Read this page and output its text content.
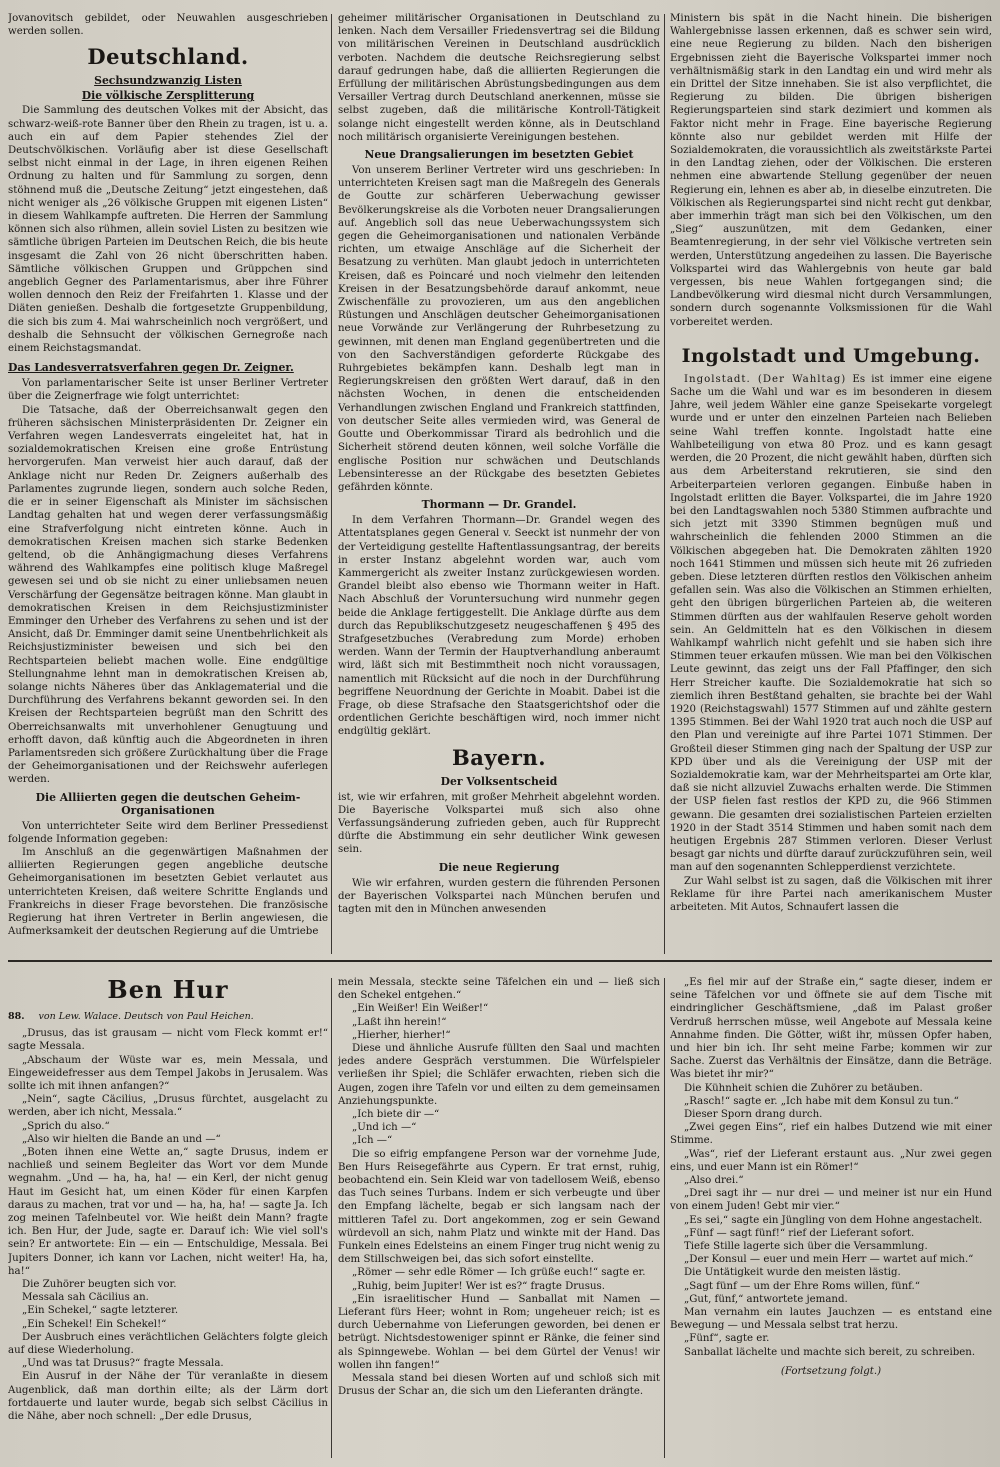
Jovanovitsch gebildet, oder Neuwahlen ausgeschrieben werden sollen.

Deutschland.
Sechsundzwanzig Listen
Die völkische Zersplitterung

Die Sammlung des deutschen Volkes mit der Absicht, das schwarz-weiß-rote Banner über den Rhein zu tragen, ist u. a. auch ein auf dem Papier stehendes Ziel der Deutschvölkischen. Vorläufig aber ist diese Gesellschaft selbst nicht einmal in der Lage, in ihren eigenen Reihen Ordnung zu halten und für Sammlung zu sorgen, denn stöhnend muß die „Deutsche Zeitung“ jetzt eingestehen, daß nicht weniger als „26 völkische Gruppen mit eigenen Listen“ in diesem Wahlkampfe auftreten. Die Herren der Sammlung können sich also rühmen, allein soviel Listen zu besitzen wie sämtliche übrigen Parteien im Deutschen Reich, die bis heute insgesamt die Zahl von 26 nicht überschritten haben. Sämtliche völkischen Gruppen und Grüppchen sind angeblich Gegner des Parlamentarismus, aber ihre Führer wollen dennoch den Reiz der Freifahrten 1. Klasse und der Diäten genießen. Deshalb die fortgesetzte Gruppenbildung, die sich bis zum 4. Mai wahrscheinlich noch vergrößert, und deshalb die Sehnsucht der völkischen Gernegroße nach einem Reichstagsmandat.

Das Landesverratsverfahren gegen Dr. Zeigner.

Von parlamentarischer Seite ist unser Berliner Vertreter über die Zeignerfrage wie folgt unterrichtet:

Die Tatsache, daß der Oberreichsanwalt gegen den früheren sächsischen Ministerpräsidenten Dr. Zeigner ein Verfahren wegen Landesverrats eingeleitet hat, hat in sozialdemokratischen Kreisen eine große Entrüstung hervorgerufen. Man verweist hier auch darauf, daß der Anklage nicht nur Reden Dr. Zeigners außerhalb des Parlamentes zugrunde liegen, sondern auch solche Reden, die er in seiner Eigenschaft als Minister im sächsischen Landtag gehalten hat und wegen derer verfassungsmäßig eine Strafverfolgung nicht eintreten könne. Auch in demokratischen Kreisen machen sich starke Bedenken geltend, ob die Anhängigmachung dieses Verfahrens während des Wahlkampfes eine politisch kluge Maßregel gewesen sei und ob sie nicht zu einer unliebsamen neuen Verschärfung der Gegensätze beitragen könne. Man glaubt in demokratischen Kreisen in dem Reichsjustizminister Emminger den Urheber des Verfahrens zu sehen und ist der Ansicht, daß Dr. Emminger damit seine Unentbehrlichkeit als Reichsjustizminister beweisen und sich bei den Rechtsparteien beliebt machen wolle. Eine endgültige Stellungnahme lehnt man in demokratischen Kreisen ab, solange nichts Näheres über das Anklagematerial und die Durchführung des Verfahrens bekannt geworden sei. In den Kreisen der Rechtsparteien begrüßt man den Schritt des Oberreichsanwalts mit unverhohlener Genugtuung und erhofft davon, daß künftig auch die Abgeordneten in ihren Parlamentsreden sich größere Zurückhaltung über die Frage der Geheimorganisationen und der Reichswehr auferlegen werden.

Die Alliierten gegen die deutschen Geheim-Organisationen

Von unterrichteter Seite wird dem Berliner Pressedienst folgende Information gegeben:

Im Anschluß an die gegenwärtigen Maßnahmen der alliierten Regierungen gegen angebliche deutsche Geheimorganisationen im besetzten Gebiet verlautet aus unterrichteten Kreisen, daß weitere Schritte Englands und Frankreichs in dieser Frage bevorstehen. Die französische Regierung hat ihren Vertreter in Berlin angewiesen, die Aufmerksamkeit der deutschen Regierung auf die Umtriebe

geheimer militärischer Organisationen in Deutschland zu lenken. Nach dem Versailler Friedensvertrag sei die Bildung von militärischen Vereinen in Deutschland ausdrücklich verboten. Nachdem die deutsche Reichsregierung selbst darauf gedrungen habe, daß die alliierten Regierungen die Erfüllung der militärischen Abrüstungsbedingungen aus dem Versailler Vertrag durch Deutschland anerkennen, müsse sie selbst zugeben, daß die militärische Kontroll-Tätigkeit solange nicht eingestellt werden könne, als in Deutschland noch militärisch organisierte Vereinigungen bestehen.

Neue Drangsalierungen im besetzten Gebiet

Von unserem Berliner Vertreter wird uns geschrieben: In unterrichteten Kreisen sagt man die Maßregeln des Generals de Goutte zur schärferen Ueberwachung gewisser Bevölkerungskreise als die Vorboten neuer Drangsalierungen auf. Angeblich soll das neue Ueberwachungssystem sich gegen die Geheimorganisationen und nationalen Verbände richten, um etwaige Anschläge auf die Sicherheit der Besatzung zu verhüten. Man glaubt jedoch in unterrichteten Kreisen, daß es Poincaré und noch vielmehr den leitenden Kreisen in der Besatzungsbehörde darauf ankommt, neue Zwischenfälle zu provozieren, um aus den angeblichen Rüstungen und Anschlägen deutscher Geheimorganisationen neue Vorwände zur Verlängerung der Ruhrbesetzung zu gewinnen, mit denen man England gegenübertreten und die von den Sachverständigen geforderte Rückgabe des Ruhrgebietes bekämpfen kann. Deshalb legt man in Regierungskreisen den größten Wert darauf, daß in den nächsten Wochen, in denen die entscheidenden Verhandlungen zwischen England und Frankreich stattfinden, von deutscher Seite alles vermieden wird, was General de Goutte und Oberkommissar Tirard als bedrohlich und die Sicherheit störend deuten können, weil solche Vorfälle die englische Position nur schwächen und Deutschlands Lebensinteresse an der Rückgabe des besetzten Gebietes gefährden könnte.

Thormann — Dr. Grandel.

In dem Verfahren Thormann—Dr. Grandel wegen des Attentatsplanes gegen General v. Seeckt ist nunmehr der von der Verteidigung gestellte Haftentlassungsantrag, der bereits in erster Instanz abgelehnt worden war, auch vom Kammergericht als zweiter Instanz zurückgewiesen worden. Grandel bleibt also ebenso wie Thormann weiter in Haft. Nach Abschluß der Voruntersuchung wird nunmehr gegen beide die Anklage fertiggestellt. Die Anklage dürfte aus dem durch das Republikschutzgesetz neugeschaffenen § 495 des Strafgesetzbuches (Verabredung zum Morde) erhoben werden. Wann der Termin der Hauptverhandlung anberaumt wird, läßt sich mit Bestimmtheit noch nicht voraussagen, namentlich mit Rücksicht auf die noch in der Durchführung begriffene Neuordnung der Gerichte in Moabit. Dabei ist die Frage, ob diese Strafsache den Staatsgerichtshof oder die ordentlichen Gerichte beschäftigen wird, noch immer nicht endgültig geklärt.

Bayern.
Der Volksentscheid

ist, wie wir erfahren, mit großer Mehrheit abgelehnt worden. Die Bayerische Volkspartei muß sich also ohne Verfassungsänderung zufrieden geben, auch für Rupprecht dürfte die Abstimmung ein sehr deutlicher Wink gewesen sein.

Die neue Regierung

Wie wir erfahren, wurden gestern die führenden Personen der Bayerischen Volkspartei nach München berufen und tagten mit den in München anwesenden

Ministern bis spät in die Nacht hinein. Die bisherigen Wahlergebnisse lassen erkennen, daß es schwer sein wird, eine neue Regierung zu bilden. Nach den bisherigen Ergebnissen zieht die Bayerische Volkspartei immer noch verhältnismäßig stark in den Landtag ein und wird mehr als ein Drittel der Sitze innehaben. Sie ist also verpflichtet, die Regierung zu bilden. Die übrigen bisherigen Regierungsparteien sind stark dezimiert und kommen als Faktor nicht mehr in Frage. Eine bayerische Regierung könnte also nur gebildet werden mit Hilfe der Sozialdemokraten, die voraussichtlich als zweitstärkste Partei in den Landtag ziehen, oder der Völkischen. Die ersteren nehmen eine abwartende Stellung gegenüber der neuen Regierung ein, lehnen es aber ab, in dieselbe einzutreten. Die Völkischen als Regierungspartei sind nicht recht gut denkbar, aber immerhin trägt man sich bei den Völkischen, um den „Sieg“ auszunützen, mit dem Gedanken, einer Beamtenregierung, in der sehr viel Völkische vertreten sein werden, Unterstützung angedeihen zu lassen. Die Bayerische Volkspartei wird das Wahlergebnis von heute gar bald vergessen, bis neue Wahlen fortgegangen sind; die Landbevölkerung wird diesmal nicht durch Versammlungen, sondern durch sogenannte Volksmissionen für die Wahl vorbereitet werden.

Ingolstadt und Umgebung.

Ingolstadt. (Der Wahltag) Es ist immer eine eigene Sache um die Wahl und war es im besonderen in diesem Jahre, weil jedem Wähler eine ganze Speisekarte vorgelegt wurde und er unter den einzelnen Parteien nach Belieben seine Wahl treffen konnte. Ingolstadt hatte eine Wahlbeteiligung von etwa 80 Proz. und es kann gesagt werden, die 20 Prozent, die nicht gewählt haben, dürften sich aus dem Arbeiterstand rekrutieren, sie sind den Arbeiterparteien verloren gegangen. Einbuße haben in Ingolstadt erlitten die Bayer. Volkspartei, die im Jahre 1920 bei den Landtagswahlen noch 5380 Stimmen aufbrachte und sich jetzt mit 3390 Stimmen begnügen muß und wahrscheinlich die fehlenden 2000 Stimmen an die Völkischen abgegeben hat. Die Demokraten zählten 1920 noch 1641 Stimmen und müssen sich heute mit 26 zufrieden geben. Diese letzteren dürften restlos den Völkischen anheim gefallen sein. Was also die Völkischen an Stimmen erhielten, geht den übrigen bürgerlichen Parteien ab, die weiteren Stimmen dürften aus der wahlfaulen Reserve geholt worden sein. An Geldmitteln hat es den Völkischen in diesem Wahlkampf wahrlich nicht gefehlt und sie haben sich ihre Stimmen teuer erkaufen müssen. Wie man bei den Völkischen Leute gewinnt, das zeigt uns der Fall Pfaffinger, den sich Herr Streicher kaufte. Die Sozialdemokratie hat sich so ziemlich ihren Bestßtand gehalten, sie brachte bei der Wahl 1920 (Reichstagswahl) 1577 Stimmen auf und zählte gestern 1395 Stimmen. Bei der Wahl 1920 trat auch noch die USP auf den Plan und vereinigte auf ihre Partei 1071 Stimmen. Der Großteil dieser Stimmen ging nach der Spaltung der USP zur KPD über und als die Vereinigung der USP mit der Sozialdemokratie kam, war der Mehrheitspartei am Orte klar, daß sie nicht allzuviel Zuwachs erhalten werde. Die Stimmen der USP fielen fast restlos der KPD zu, die 966 Stimmen gewann. Die gesamten drei sozialistischen Parteien erzielten 1920 in der Stadt 3514 Stimmen und haben somit nach dem heutigen Ergebnis 287 Stimmen verloren. Dieser Verlust besagt gar nichts und dürfte darauf zurückzuführen sein, weil man auf den sogenannten Schlepperdienst verzichtete.

Zur Wahl selbst ist zu sagen, daß die Völkischen mit ihrer Reklame für ihre Partei nach amerikanischem Muster arbeiteten. Mit Autos, Schnaufert lassen die

Ben Hur
88. von Lew. Walace. Deutsch von Paul Heichen.

„Drusus, das ist grausam — nicht vom Fleck kommt er!“ sagte Messala.

„Abschaum der Wüste war es, mein Messala, und Eingeweidefresser aus dem Tempel Jakobs in Jerusalem. Was sollte ich mit ihnen anfangen?“

„Nein“, sagte Cäcilius, „Drusus fürchtet, ausgelacht zu werden, aber ich nicht, Messala.“

„Sprich du also.“

„Also wir hielten die Bande an und —“

„Boten ihnen eine Wette an,“ sagte Drusus, indem er nachließ und seinem Begleiter das Wort vor dem Munde wegnahm. „Und — ha, ha, ha! — ein Kerl, der nicht genug Haut im Gesicht hat, um einen Köder für einen Karpfen daraus zu machen, trat vor und — ha, ha, ha! — sagte Ja. Ich zog meinen Tafelnbeutel vor. Wie heißt dein Mann? fragte ich. Ben Hur, der Jude, sagte er. Darauf ich: Wie viel soll's sein? Er antwortete: Ein — ein — Entschuldige, Messala. Bei Jupiters Donner, ich kann vor Lachen, nicht weiter! Ha, ha, ha!“

Die Zuhörer beugten sich vor.

Messala sah Cäcilius an.

„Ein Schekel,“ sagte letzterer.

„Ein Schekel! Ein Schekel!“

Der Ausbruch eines verächtlichen Gelächters folgte gleich auf diese Wiederholung.

„Und was tat Drusus?“ fragte Messala.

Ein Ausruf in der Nähe der Tür veranlaßte in diesem Augenblick, daß man dorthin eilte; als der Lärm dort fortdauerte und lauter wurde, begab sich selbst Cäcilius in die Nähe, aber noch schnell: „Der edle Drusus,

mein Messala, steckte seine Täfelchen ein und — ließ sich den Schekel entgehen.“

„Ein Weißer! Ein Weißer!“

„Laßt ihn herein!“

„Hierher, hierher!“

Diese und ähnliche Ausrufe füllten den Saal und machten jedes andere Gespräch verstummen. Die Würfelspieler verließen ihr Spiel; die Schläfer erwachten, rieben sich die Augen, zogen ihre Tafeln vor und eilten zu dem gemeinsamen Anziehungspunkte.

„Ich biete dir —“

„Und ich —“

„Ich —“

Die so eifrig empfangene Person war der vornehme Jude, Ben Hurs Reisegefährte aus Cypern. Er trat ernst, ruhig, beobachtend ein. Sein Kleid war von tadellosem Weiß, ebenso das Tuch seines Turbans. Indem er sich verbeugte und über den Empfang lächelte, begab er sich langsam nach der mittleren Tafel zu. Dort angekommen, zog er sein Gewand würdevoll an sich, nahm Platz und winkte mit der Hand. Das Funkeln eines Edelsteins an einem Finger trug nicht wenig zu dem Stillschweigen bei, das sich sofort einstellte.

„Römer — sehr edle Römer — Ich grüße euch!“ sagte er.

„Ruhig, beim Jupiter! Wer ist es?“ fragte Drusus.

„Ein israelitischer Hund — Sanballat mit Namen — Lieferant fürs Heer; wohnt in Rom; ungeheuer reich; ist es durch Uebernahme von Lieferungen geworden, bei denen er betrügt. Nichtsdestoweniger spinnt er Ränke, die feiner sind als Spinngewebe. Wohlan — bei dem Gürtel der Venus! wir wollen ihn fangen!“

Messala stand bei diesen Worten auf und schloß sich mit Drusus der Schar an, die sich um den Lieferanten drängte.

„Es fiel mir auf der Straße ein,“ sagte dieser, indem er seine Täfelchen vor und öffnete sie auf dem Tische mit eindringlicher Geschäftsmiene, „daß im Palast großer Verdruß herrschen müsse, weil Angebote auf Messala keine Annahme finden. Die Götter, wißt ihr, müssen Opfer haben, und hier bin ich. Ihr seht meine Farbe; kommen wir zur Sache. Zuerst das Verhältnis der Einsätze, dann die Beträge. Was bietet ihr mir?“

Die Kühnheit schien die Zuhörer zu betäuben.

„Rasch!“ sagte er. „Ich habe mit dem Konsul zu tun.“

Dieser Sporn drang durch.

„Zwei gegen Eins“, rief ein halbes Dutzend wie mit einer Stimme.

„Was“, rief der Lieferant erstaunt aus. „Nur zwei gegen eins, und euer Mann ist ein Römer!“

„Also drei.“

„Drei sagt ihr — nur drei — und meiner ist nur ein Hund von einem Juden! Gebt mir vier.“

„Es sei,“ sagte ein Jüngling von dem Hohne angestachelt.

„Fünf — sagt fünf!“ rief der Lieferant sofort.

Tiefe Stille lagerte sich über die Versammlung.

„Der Konsul — euer und mein Herr — wartet auf mich.“

Die Untätigkeit wurde den meisten lästig.

„Sagt fünf — um der Ehre Roms willen, fünf.“

„Gut, fünf,“ antwortete jemand.

Man vernahm ein lautes Jauchzen — es entstand eine Bewegung — und Messala selbst trat herzu.

„Fünf“, sagte er.

Sanballat lächelte und machte sich bereit, zu schreiben.

(Fortsetzung folgt.)
